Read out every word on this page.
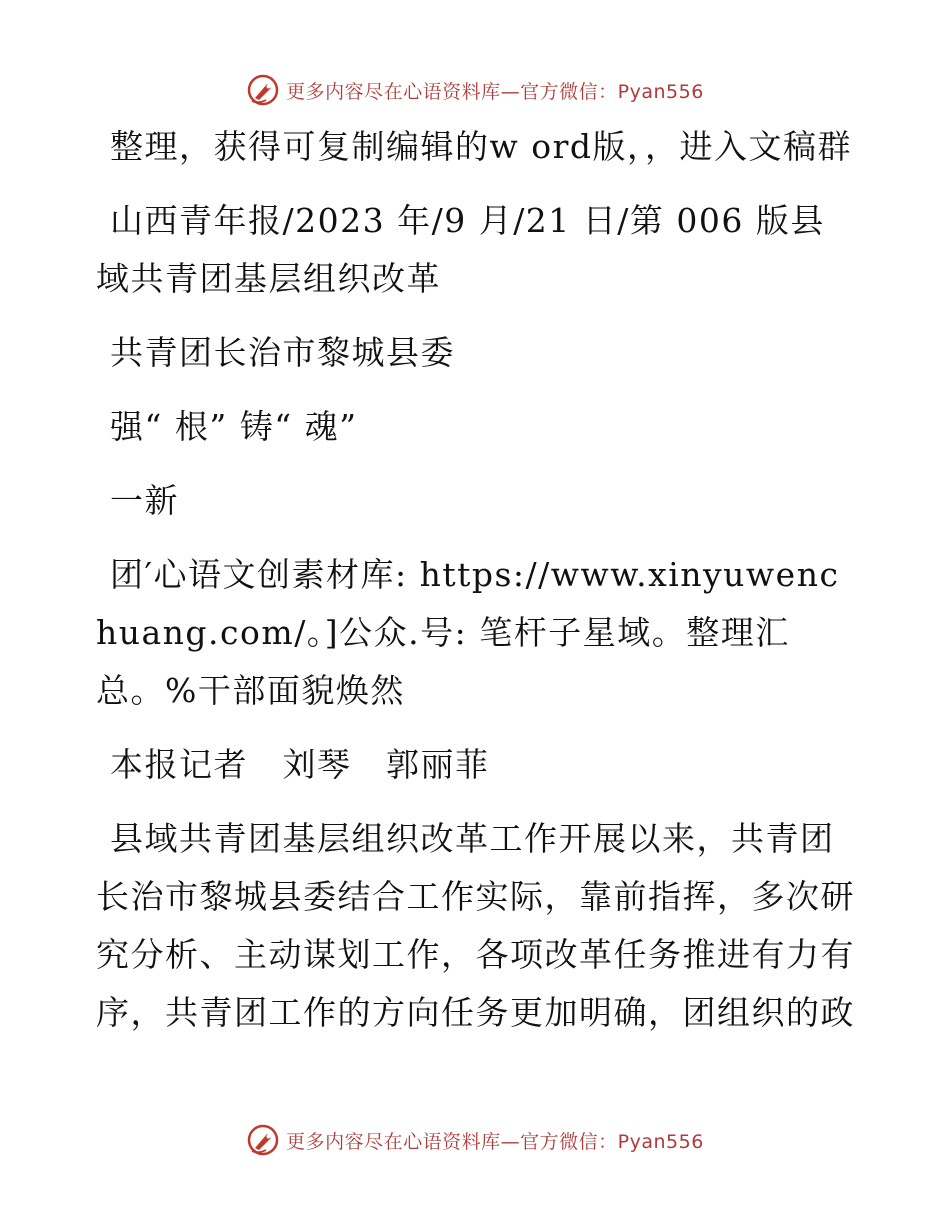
更多内容尽在心语资料库—官方微信：Pyan556

整理，获得可复制编辑的w ord版，，进入文稿群

山西青年报/2023 年/9 月/21 日/第 006 版县域共青团基层组织改革

共青团长治市黎城县委

强“ 根” 铸“ 魂”

一新

团′心语文创素材库: https://www.xinyuwenchuang.com/。]公众.号: 笔杆子星域。整理汇总。%干部面貌焕然

本报记者　刘琴　郭丽菲

县域共青团基层组织改革工作开展以来，共青团长治市黎城县委结合工作实际，靠前指挥，多次研究分析、主动谋划工作，各项改革任务推进有力有序，共青团工作的方向任务更加明确，团组织的政

更多内容尽在心语资料库—官方微信：Pyan556
